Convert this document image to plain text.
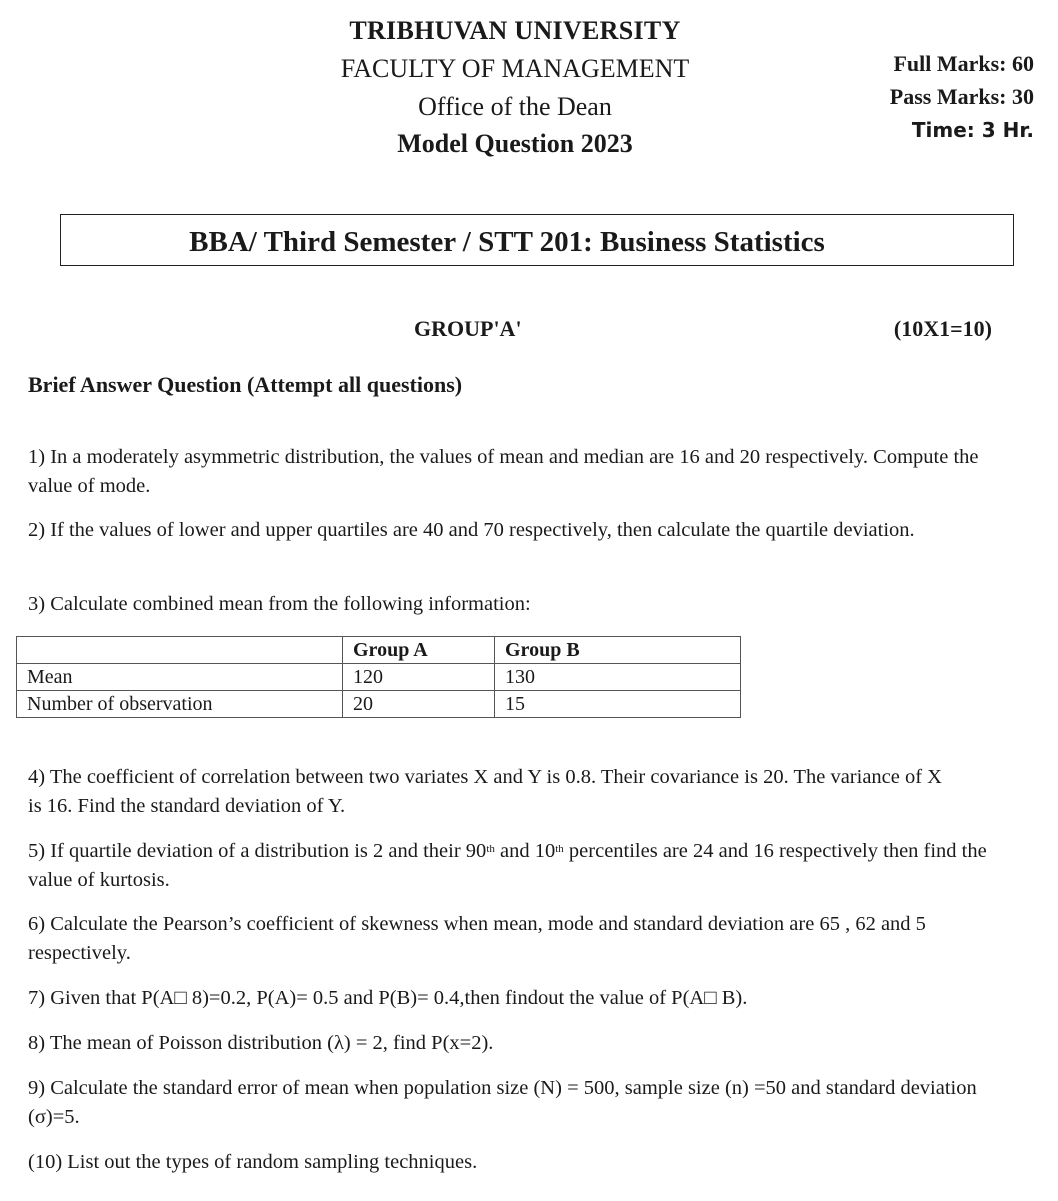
TRIBHUVAN UNIVERSITY
FACULTY OF MANAGEMENT
Office of the Dean
Model Question 2023
Full Marks: 60
Pass Marks: 30
Time: 3 Hr.
BBA/ Third Semester / STT 201: Business Statistics
GROUP'A'	(10X1=10)
Brief Answer Question (Attempt all questions)
1) In a moderately asymmetric distribution, the values of mean and median are 16 and 20 respectively. Compute the value of mode.
2) If the values of lower and upper quartiles are 40 and 70 respectively, then calculate the quartile deviation.
3) Calculate combined mean from the following information:
	Group A	Group B
Mean	120	130
Number of observation	20	15
4) The coefficient of correlation between two variates X and Y is 0.8. Their covariance is 20. The variance of X is 16. Find the standard deviation of Y.
5) If quartile deviation of a distribution is 2 and their 90th and 10th percentiles are 24 and 16 respectively then find the value of kurtosis.
6) Calculate the Pearson’s coefficient of skewness when mean, mode and standard deviation are 65 , 62 and 5 respectively.
7) Given that P(A□ 8)=0.2, P(A)= 0.5 and P(B)= 0.4,then findout the value of P(A□ B).
8) The mean of Poisson distribution (λ) = 2, find P(x=2).
9) Calculate the standard error of mean when population size (N) = 500, sample size (n) =50 and standard deviation (σ)=5.
(10) List out the types of random sampling techniques.
